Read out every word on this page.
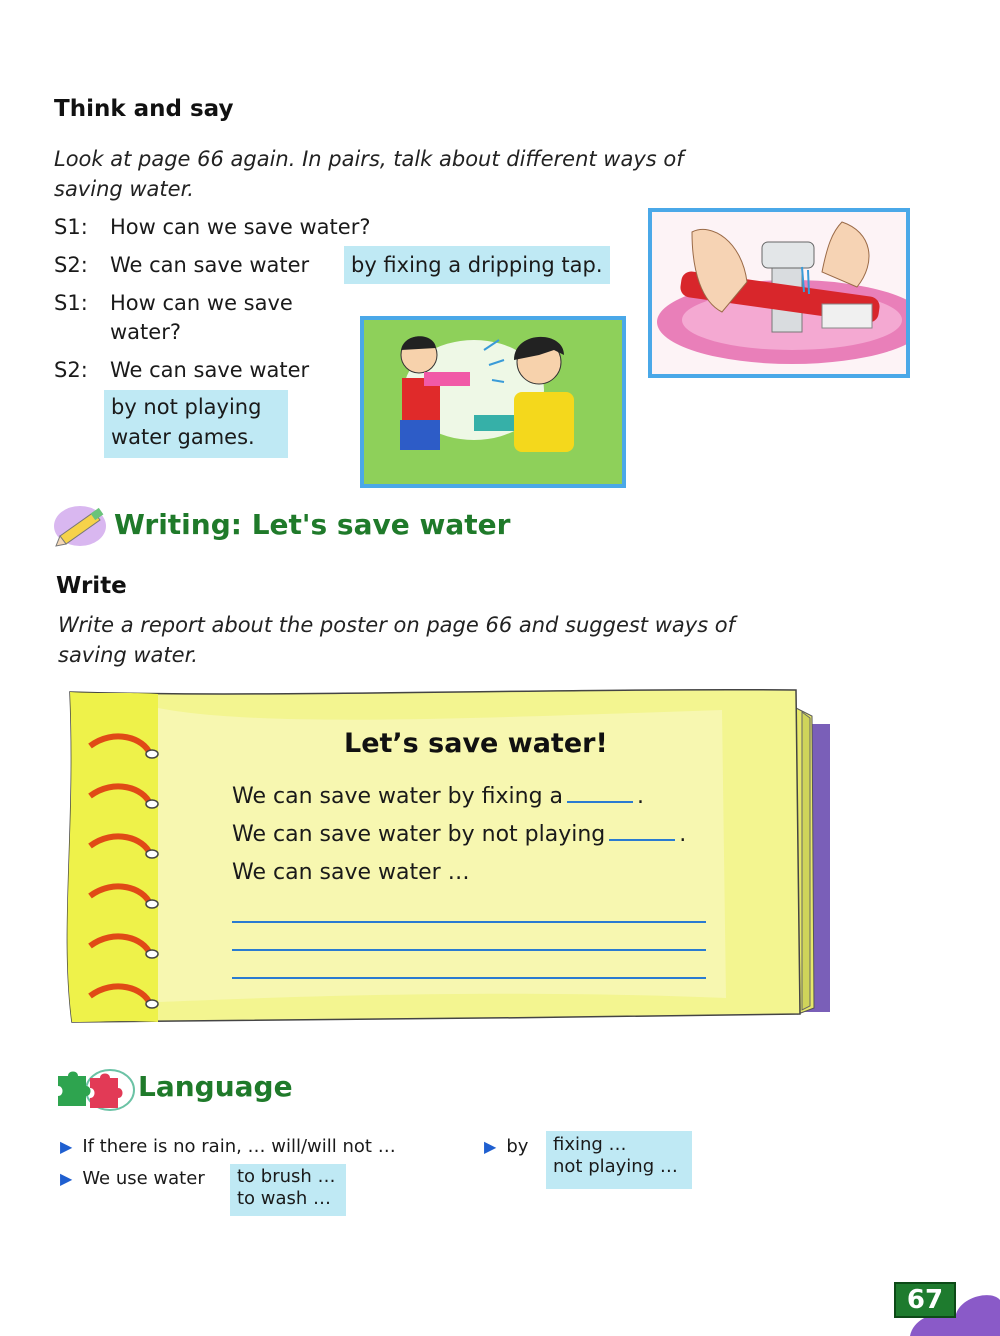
Think and say
Look at page 66 again. In pairs, talk about different ways of
saving water.
S1: How can we save water?
S2: We can save water	by fixing a dripping tap.
S1: How can we save
water?
S2: We can save water
by not playing
water games.
Writing: Let's save water
Write
Write a report about the poster on page 66 and suggest ways of
saving water.
Let’s save water!
We can save water by fixing a	.
We can save water by not playing	.
We can save water …
Language
▶ If there is no rain, … will/will not …
▶ We use water to brush …
to wash …
▶ by fixing …
not playing …
67
